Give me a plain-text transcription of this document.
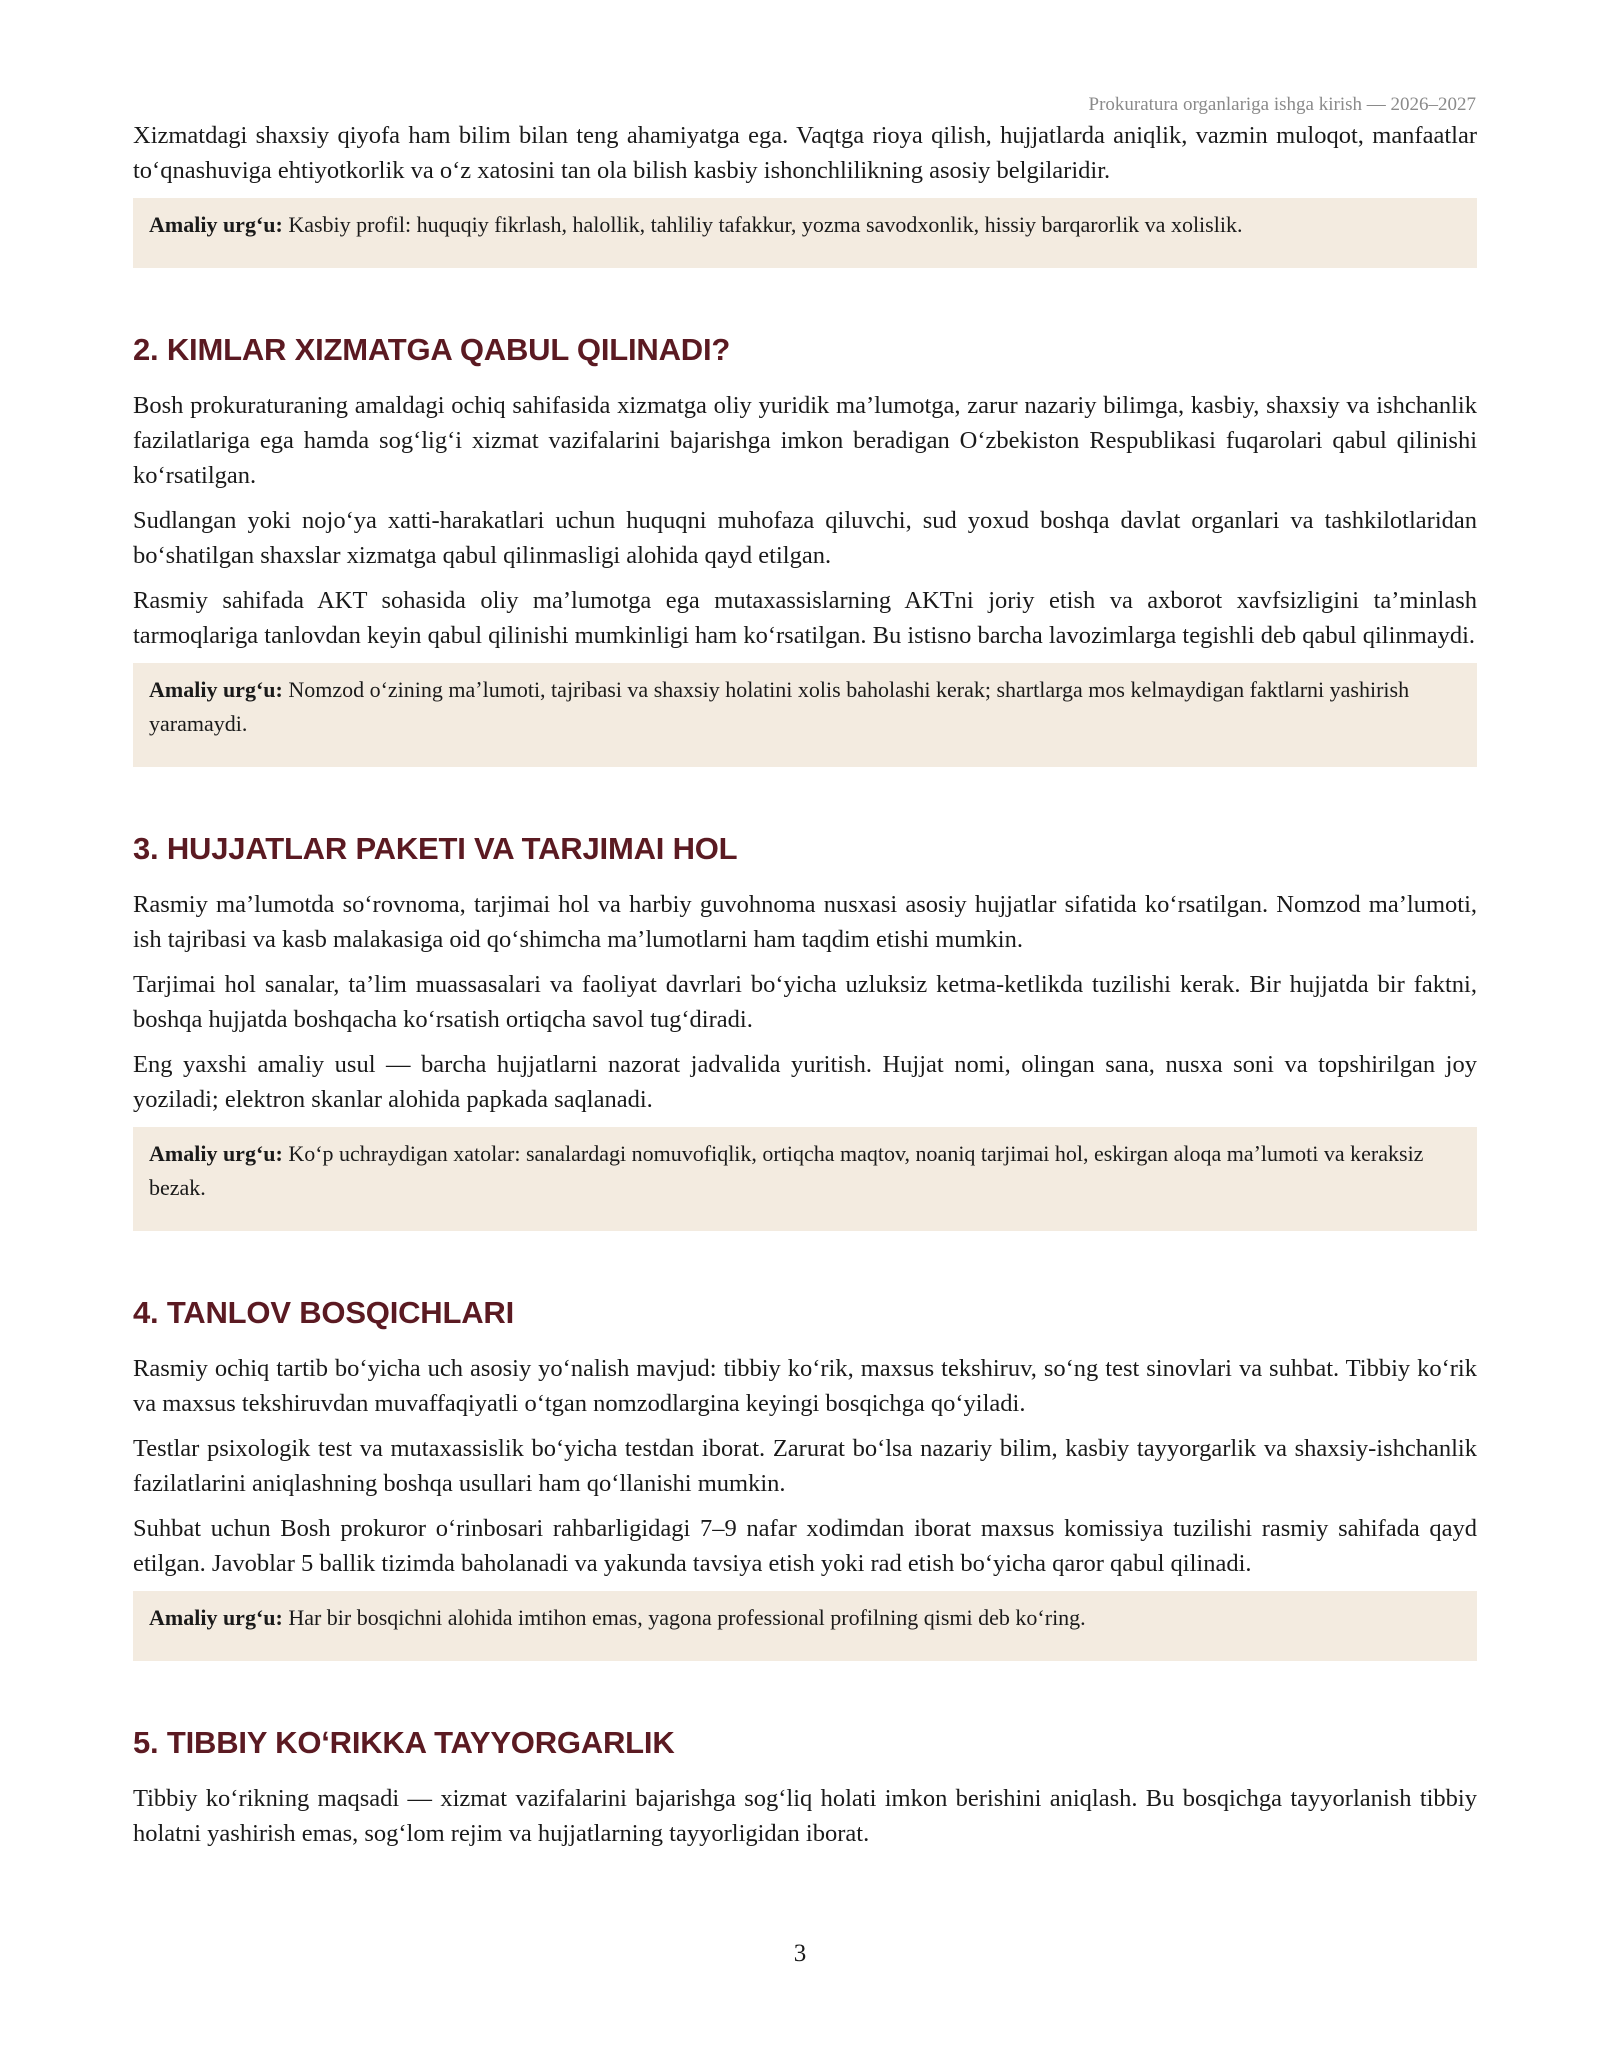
Prokuratura organlariga ishga kirish — 2026–2027

Xizmatdagi shaxsiy qiyofa ham bilim bilan teng ahamiyatga ega. Vaqtga rioya qilish, hujjatlarda aniqlik, vazmin muloqot, manfaatlar toʻqnashuviga ehtiyotkorlik va oʻz xatosini tan ola bilish kasbiy ishonchlilikning asosiy belgilaridir.

Amaliy urgʻu: Kasbiy profil: huquqiy fikrlash, halollik, tahliliy tafakkur, yozma savodxonlik, hissiy barqarorlik va xolislik.
2. KIMLAR XIZMATGA QABUL QILINADI?

Bosh prokuraturaning amaldagi ochiq sahifasida xizmatga oliy yuridik maʼlumotga, zarur nazariy bilimga, kasbiy, shaxsiy va ishchanlik fazilatlariga ega hamda sogʻligʻi xizmat vazifalarini bajarishga imkon beradigan Oʻzbekiston Respublikasi fuqarolari qabul qilinishi koʻrsatilgan.

Sudlangan yoki nojoʻya xatti-harakatlari uchun huquqni muhofaza qiluvchi, sud yoxud boshqa davlat organlari va tashkilotlaridan boʻshatilgan shaxslar xizmatga qabul qilinmasligi alohida qayd etilgan.

Rasmiy sahifada AKT sohasida oliy maʼlumotga ega mutaxassislarning AKTni joriy etish va axborot xavfsizligini taʼminlash tarmoqlariga tanlovdan keyin qabul qilinishi mumkinligi ham koʻrsatilgan. Bu istisno barcha lavozimlarga tegishli deb qabul qilinmaydi.

Amaliy urgʻu: Nomzod oʻzining maʼlumoti, tajribasi va shaxsiy holatini xolis baholashi kerak; shartlarga mos kelmaydigan faktlarni yashirish yaramaydi.
3. HUJJATLAR PAKETI VA TARJIMAI HOL

Rasmiy maʼlumotda soʻrovnoma, tarjimai hol va harbiy guvohnoma nusxasi asosiy hujjatlar sifatida koʻrsatilgan. Nomzod maʼlumoti, ish tajribasi va kasb malakasiga oid qoʻshimcha maʼlumotlarni ham taqdim etishi mumkin.

Tarjimai hol sanalar, taʼlim muassasalari va faoliyat davrlari boʻyicha uzluksiz ketma-ketlikda tuzilishi kerak. Bir hujjatda bir faktni, boshqa hujjatda boshqacha koʻrsatish ortiqcha savol tugʻdiradi.

Eng yaxshi amaliy usul — barcha hujjatlarni nazorat jadvalida yuritish. Hujjat nomi, olingan sana, nusxa soni va topshirilgan joy yoziladi; elektron skanlar alohida papkada saqlanadi.

Amaliy urgʻu: Koʻp uchraydigan xatolar: sanalardagi nomuvofiqlik, ortiqcha maqtov, noaniq tarjimai hol, eskirgan aloqa maʼlumoti va keraksiz bezak.
4. TANLOV BOSQICHLARI

Rasmiy ochiq tartib boʻyicha uch asosiy yoʻnalish mavjud: tibbiy koʻrik, maxsus tekshiruv, soʻng test sinovlari va suhbat. Tibbiy koʻrik va maxsus tekshiruvdan muvaffaqiyatli oʻtgan nomzodlargina keyingi bosqichga qoʻyiladi.

Testlar psixologik test va mutaxassislik boʻyicha testdan iborat. Zarurat boʻlsa nazariy bilim, kasbiy tayyorgarlik va shaxsiy-ishchanlik fazilatlarini aniqlashning boshqa usullari ham qoʻllanishi mumkin.

Suhbat uchun Bosh prokuror oʻrinbosari rahbarligidagi 7–9 nafar xodimdan iborat maxsus komissiya tuzilishi rasmiy sahifada qayd etilgan. Javoblar 5 ballik tizimda baholanadi va yakunda tavsiya etish yoki rad etish boʻyicha qaror qabul qilinadi.

Amaliy urgʻu: Har bir bosqichni alohida imtihon emas, yagona professional profilning qismi deb koʻring.
5. TIBBIY KOʻRIKKA TAYYORGARLIK

Tibbiy koʻrikning maqsadi — xizmat vazifalarini bajarishga sogʻliq holati imkon berishini aniqlash. Bu bosqichga tayyorlanish tibbiy holatni yashirish emas, sogʻlom rejim va hujjatlarning tayyorligidan iborat.

3
